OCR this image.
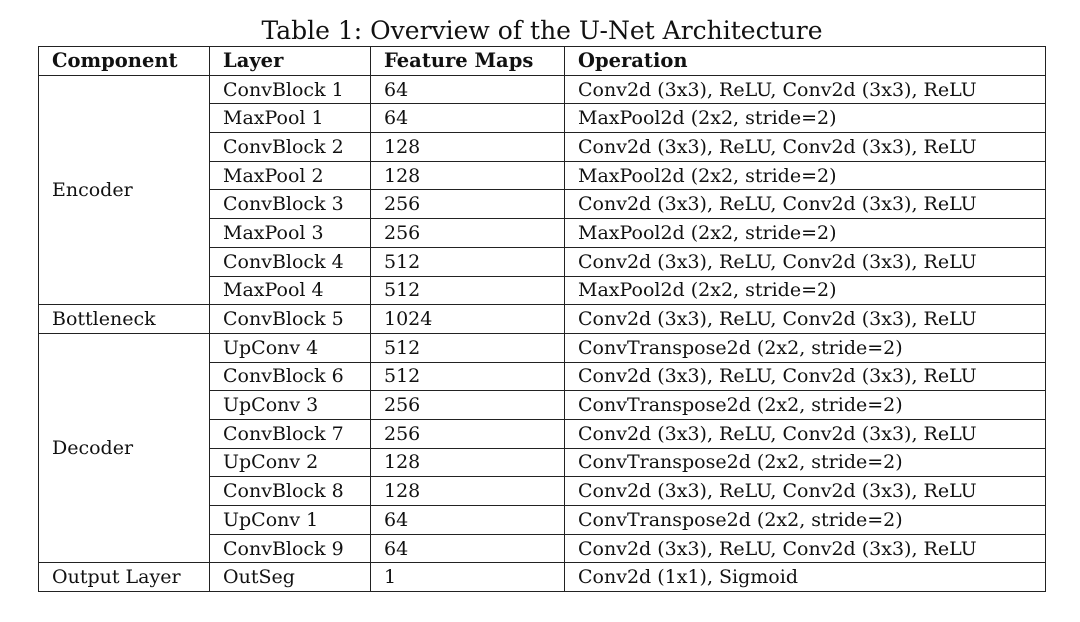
Table 1: Overview of the U-Net Architecture
Component	Layer	Feature Maps	Operation
Encoder	ConvBlock 1	64	Conv2d (3x3), ReLU, Conv2d (3x3), ReLU
	MaxPool 1	64	MaxPool2d (2x2, stride=2)
	ConvBlock 2	128	Conv2d (3x3), ReLU, Conv2d (3x3), ReLU
	MaxPool 2	128	MaxPool2d (2x2, stride=2)
	ConvBlock 3	256	Conv2d (3x3), ReLU, Conv2d (3x3), ReLU
	MaxPool 3	256	MaxPool2d (2x2, stride=2)
	ConvBlock 4	512	Conv2d (3x3), ReLU, Conv2d (3x3), ReLU
	MaxPool 4	512	MaxPool2d (2x2, stride=2)
Bottleneck	ConvBlock 5	1024	Conv2d (3x3), ReLU, Conv2d (3x3), ReLU
Decoder	UpConv 4	512	ConvTranspose2d (2x2, stride=2)
	ConvBlock 6	512	Conv2d (3x3), ReLU, Conv2d (3x3), ReLU
	UpConv 3	256	ConvTranspose2d (2x2, stride=2)
	ConvBlock 7	256	Conv2d (3x3), ReLU, Conv2d (3x3), ReLU
	UpConv 2	128	ConvTranspose2d (2x2, stride=2)
	ConvBlock 8	128	Conv2d (3x3), ReLU, Conv2d (3x3), ReLU
	UpConv 1	64	ConvTranspose2d (2x2, stride=2)
	ConvBlock 9	64	Conv2d (3x3), ReLU, Conv2d (3x3), ReLU
Output Layer	OutSeg	1	Conv2d (1x1), Sigmoid
